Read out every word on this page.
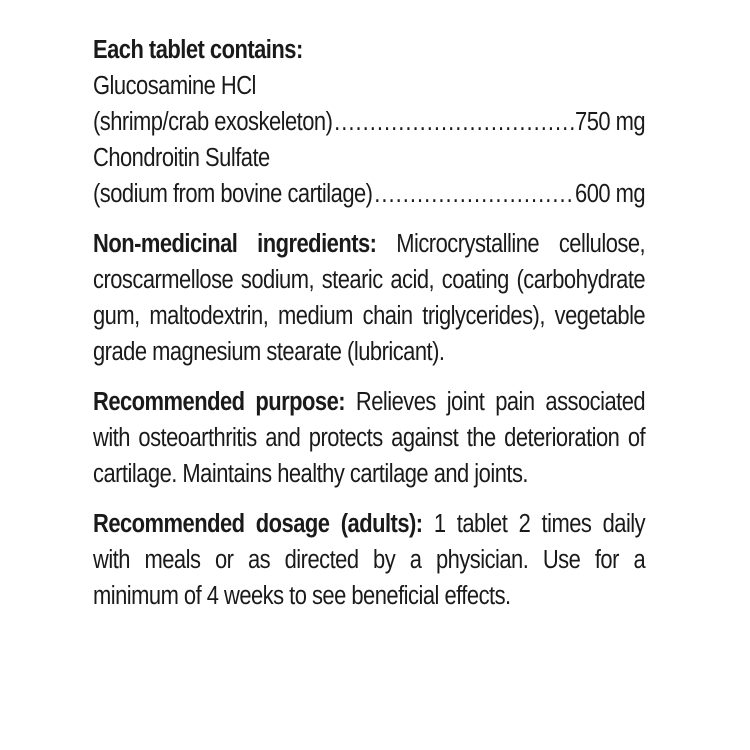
Each tablet contains:
Glucosamine HCl
(shrimp/crab exoskeleton) .....	750 mg
Chondroitin Sulfate
(sodium from bovine cartilage) .....	600 mg
Non-medicinal ingredients: Microcrystalline cellulose, croscarmellose sodium, stearic acid, coating (carbohydrate gum, maltodextrin, medium chain triglycerides), vegetable grade magnesium stearate (lubricant).
Recommended purpose: Relieves joint pain associated with osteoarthritis and protects against the deterioration of cartilage. Maintains healthy cartilage and joints.
Recommended dosage (adults): 1 tablet 2 times daily with meals or as directed by a physician. Use for a minimum of 4 weeks to see beneficial effects.
